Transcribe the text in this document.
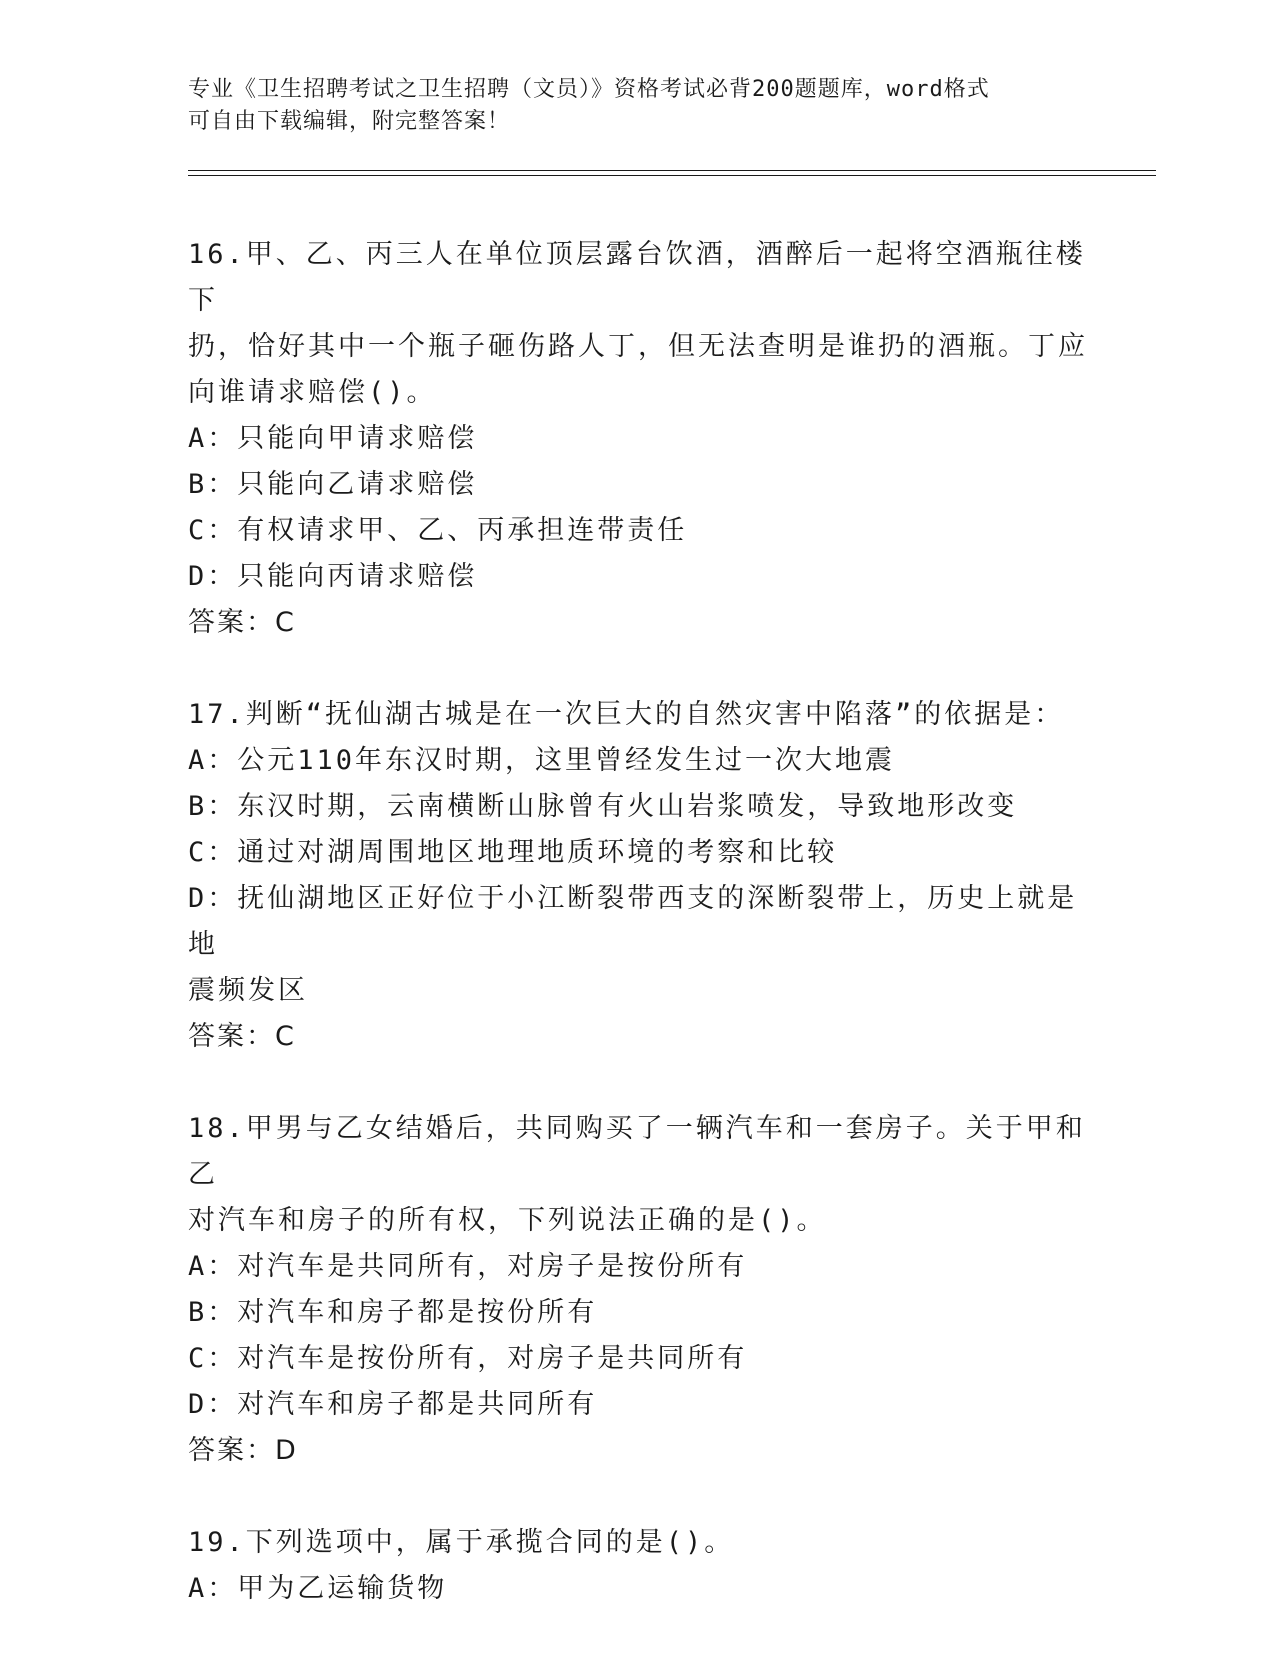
专业《卫生招聘考试之卫生招聘（文员）》资格考试必背200题题库，word格式
可自由下载编辑，附完整答案！

16.甲、乙、丙三人在单位顶层露台饮酒，酒醉后一起将空酒瓶往楼下

扔，恰好其中一个瓶子砸伤路人丁，但无法查明是谁扔的酒瓶。丁应

向谁请求赔偿()。

A：只能向甲请求赔偿

B：只能向乙请求赔偿

C：有权请求甲、乙、丙承担连带责任

D：只能向丙请求赔偿

答案：C

17.判断“抚仙湖古城是在一次巨大的自然灾害中陷落”的依据是：

A：公元110年东汉时期，这里曾经发生过一次大地震

B：东汉时期，云南横断山脉曾有火山岩浆喷发，导致地形改变

C：通过对湖周围地区地理地质环境的考察和比较

D：抚仙湖地区正好位于小江断裂带西支的深断裂带上，历史上就是地

震频发区

答案：C

18.甲男与乙女结婚后，共同购买了一辆汽车和一套房子。关于甲和乙

对汽车和房子的所有权，下列说法正确的是()。

A：对汽车是共同所有，对房子是按份所有

B：对汽车和房子都是按份所有

C：对汽车是按份所有，对房子是共同所有

D：对汽车和房子都是共同所有

答案：D

19.下列选项中，属于承揽合同的是()。

A：甲为乙运输货物
